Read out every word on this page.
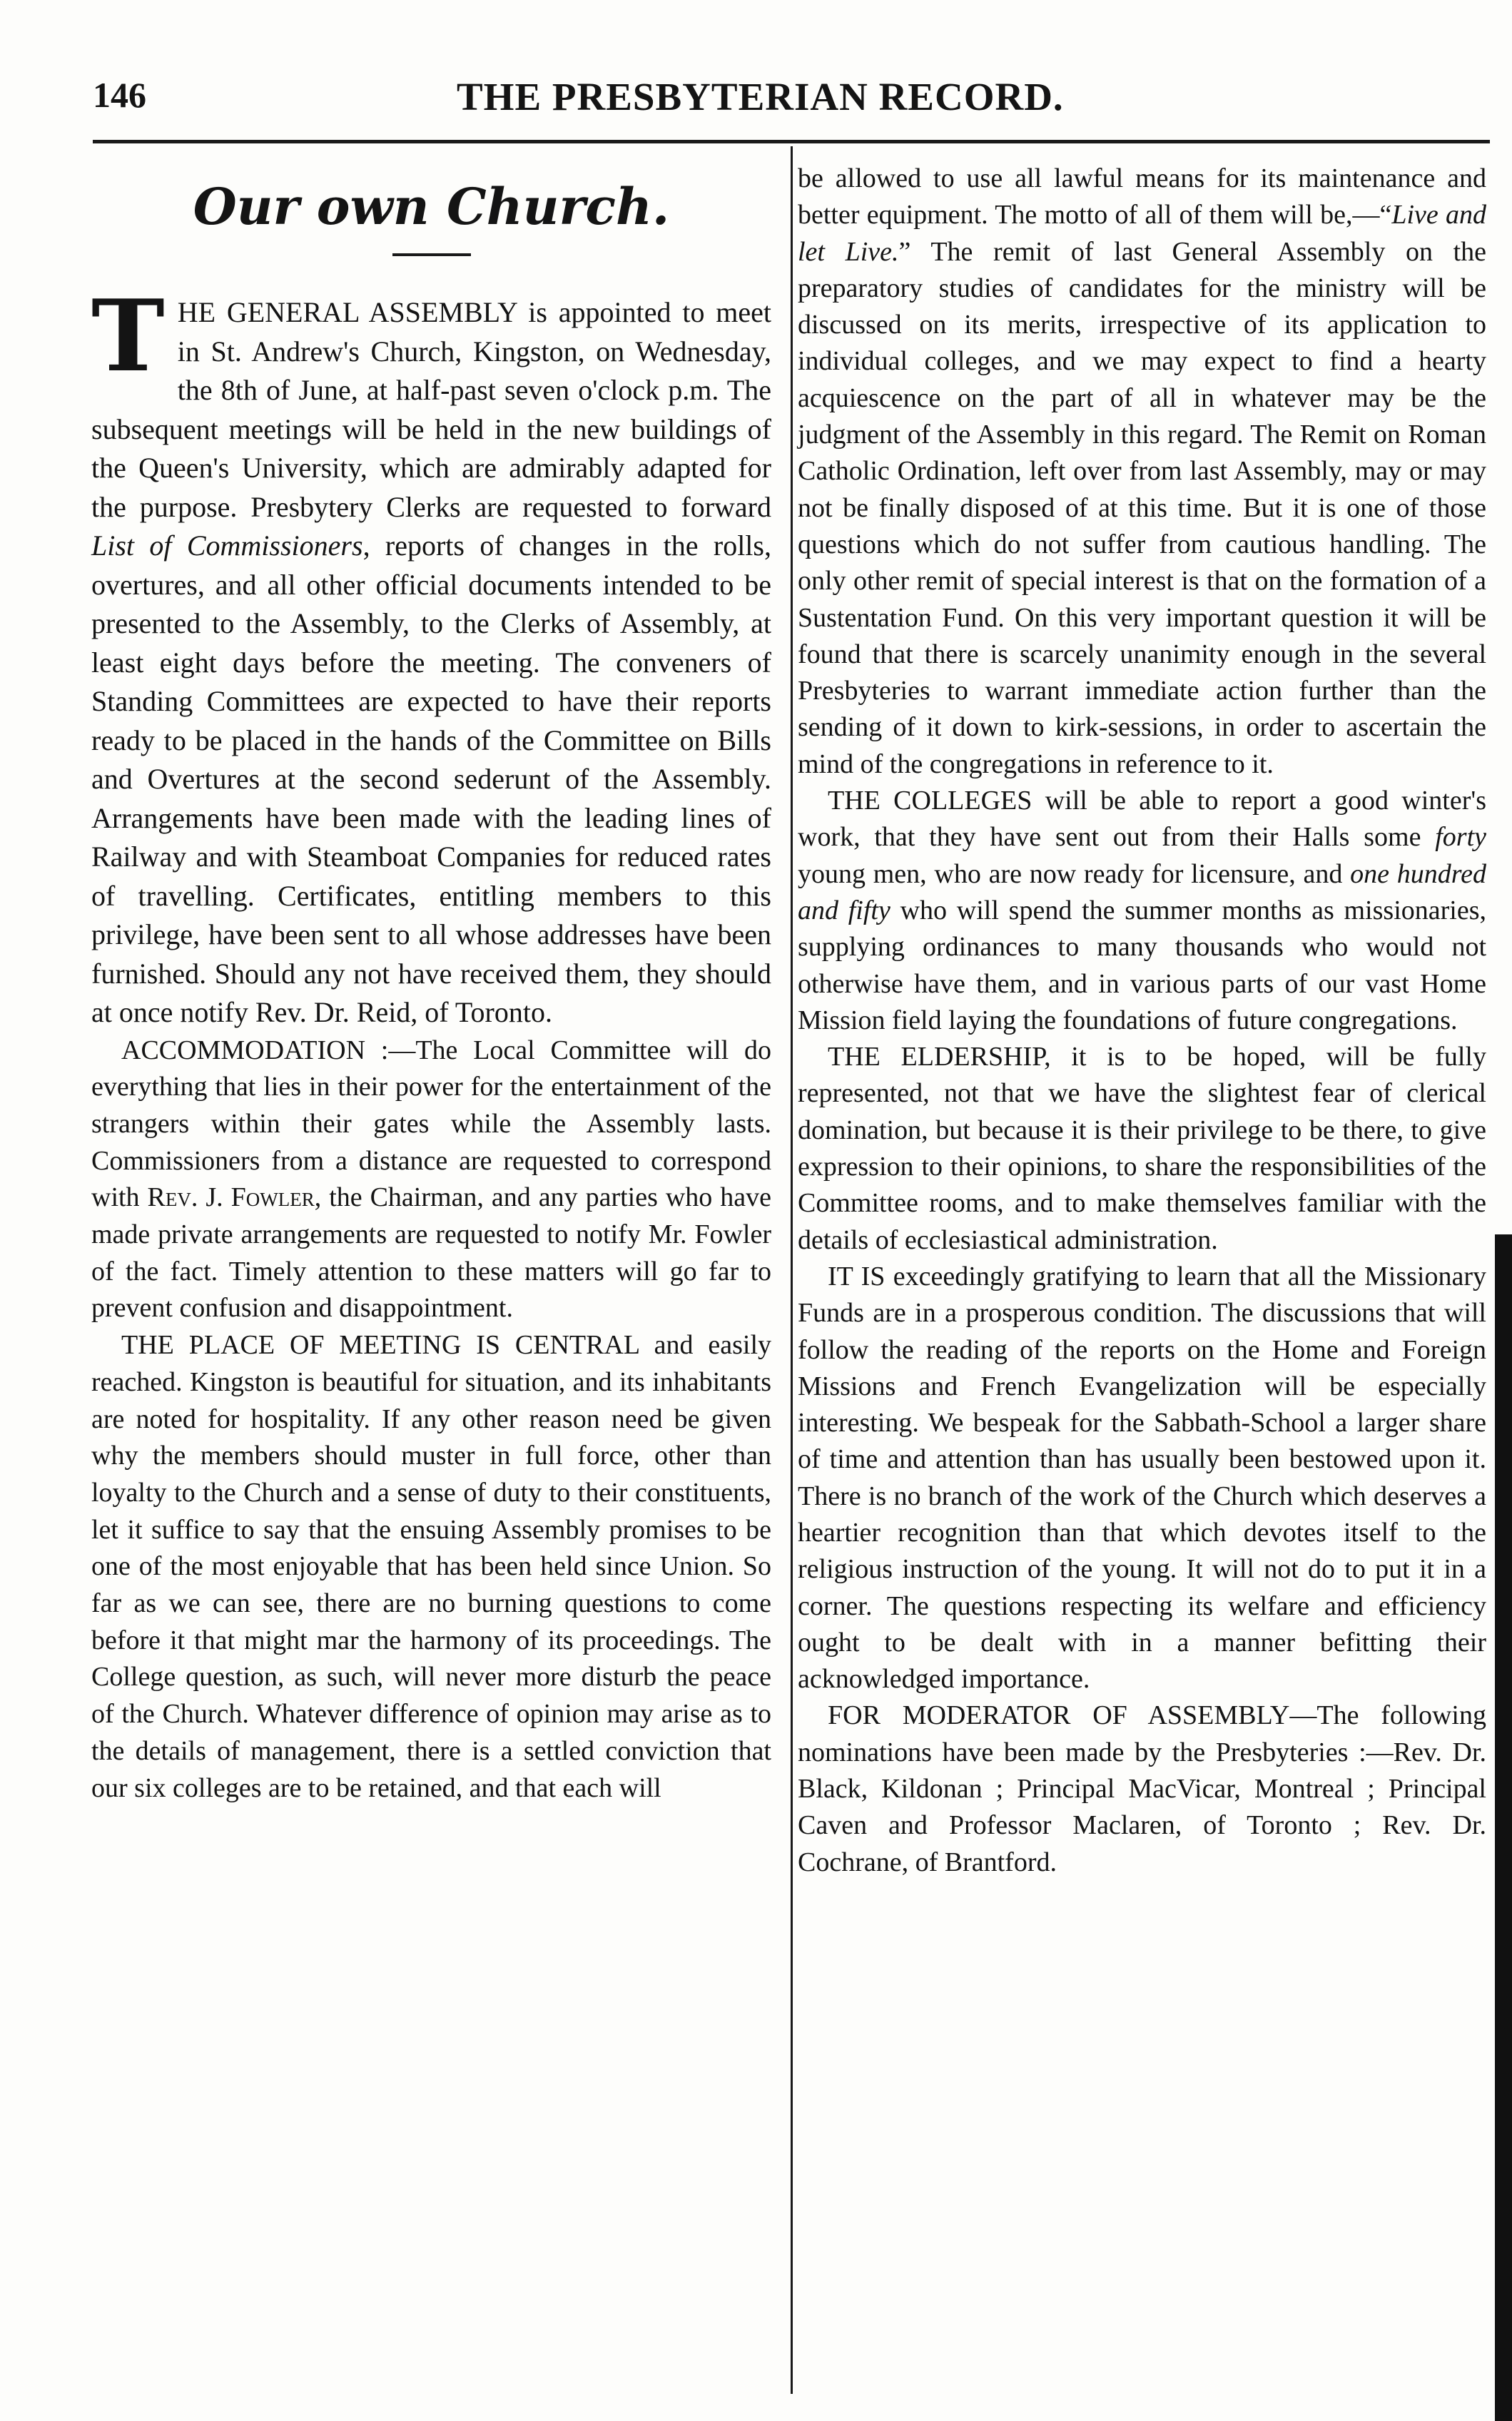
146	THE PRESBYTERIAN RECORD.
Our own Church.

THE GENERAL ASSEMBLY is appointed to meet in St. Andrew's Church, Kingston, on Wednesday, the 8th of June, at half-past seven o'clock p.m. The subsequent meetings will be held in the new buildings of the Queen's University, which are admirably adapted for the purpose. Presbytery Clerks are requested to forward List of Commissioners, reports of changes in the rolls, overtures, and all other official documents intended to be presented to the Assembly, to the Clerks of Assembly, at least eight days before the meeting. The conveners of Standing Committees are expected to have their reports ready to be placed in the hands of the Committee on Bills and Overtures at the second sederunt of the Assembly. Arrangements have been made with the leading lines of Railway and with Steamboat Companies for reduced rates of travelling. Certificates, entitling members to this privilege, have been sent to all whose addresses have been furnished. Should any not have received them, they should at once notify Rev. Dr. Reid, of Toronto.

ACCOMMODATION :—The Local Committee will do everything that lies in their power for the entertainment of the strangers within their gates while the Assembly lasts. Commissioners from a distance are requested to correspond with Rev. J. Fowler, the Chairman, and any parties who have made private arrangements are requested to notify Mr. Fowler of the fact. Timely attention to these matters will go far to prevent confusion and disappointment.

THE PLACE OF MEETING IS CENTRAL and easily reached. Kingston is beautiful for situation, and its inhabitants are noted for hospitality. If any other reason need be given why the members should muster in full force, other than loyalty to the Church and a sense of duty to their constituents, let it suffice to say that the ensuing Assembly promises to be one of the most enjoyable that has been held since Union. So far as we can see, there are no burning questions to come before it that might mar the harmony of its proceedings. The College question, as such, will never more disturb the peace of the Church. Whatever difference of opinion may arise as to the details of management, there is a settled conviction that our six colleges are to be retained, and that each will

be allowed to use all lawful means for its maintenance and better equipment. The motto of all of them will be,—“Live and let Live.” The remit of last General Assembly on the preparatory studies of candidates for the ministry will be discussed on its merits, irrespective of its application to individual colleges, and we may expect to find a hearty acquiescence on the part of all in whatever may be the judgment of the Assembly in this regard. The Remit on Roman Catholic Ordination, left over from last Assembly, may or may not be finally disposed of at this time. But it is one of those questions which do not suffer from cautious handling. The only other remit of special interest is that on the formation of a Sustentation Fund. On this very important question it will be found that there is scarcely unanimity enough in the several Presbyteries to warrant immediate action further than the sending of it down to kirk-sessions, in order to ascertain the mind of the congregations in reference to it.

THE COLLEGES will be able to report a good winter's work, that they have sent out from their Halls some forty young men, who are now ready for licensure, and one hundred and fifty who will spend the summer months as missionaries, supplying ordinances to many thousands who would not otherwise have them, and in various parts of our vast Home Mission field laying the foundations of future congregations.

THE ELDERSHIP, it is to be hoped, will be fully represented, not that we have the slightest fear of clerical domination, but because it is their privilege to be there, to give expression to their opinions, to share the responsibilities of the Committee rooms, and to make themselves familiar with the details of ecclesiastical administration.

IT IS exceedingly gratifying to learn that all the Missionary Funds are in a prosperous condition. The discussions that will follow the reading of the reports on the Home and Foreign Missions and French Evangelization will be especially interesting. We bespeak for the Sabbath-School a larger share of time and attention than has usually been bestowed upon it. There is no branch of the work of the Church which deserves a heartier recognition than that which devotes itself to the religious instruction of the young. It will not do to put it in a corner. The questions respecting its welfare and efficiency ought to be dealt with in a manner befitting their acknowledged importance.

FOR MODERATOR OF ASSEMBLY—The following nominations have been made by the Presbyteries :—Rev. Dr. Black, Kildonan ; Principal MacVicar, Montreal ; Principal Caven and Professor Maclaren, of Toronto ; Rev. Dr. Cochrane, of Brantford.
